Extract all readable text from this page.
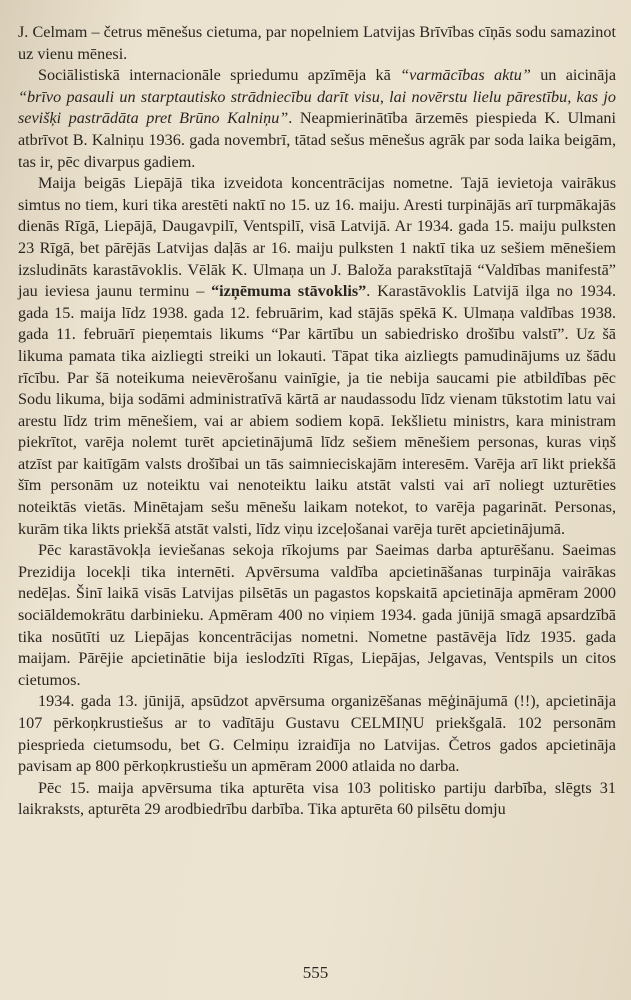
J. Celmam – četrus mēnešus cietuma, par nopelniem Latvijas Brīvības cīņās sodu samazinot uz vienu mēnesi.

Sociālistiskā internacionāle spriedumu apzīmēja kā “varmācības aktu” un aicināja “brīvo pasauli un starptautisko strādniecību darīt visu, lai novērstu lielu pārestību, kas jo sevišķi pastrādāta pret Brūno Kalniņu”. Neapmierinātība ārzemēs piespieda K. Ulmani atbrīvot B. Kalniņu 1936. gada novembrī, tātad sešus mēnešus agrāk par soda laika beigām, tas ir, pēc divarpus gadiem.

Maija beigās Liepājā tika izveidota koncentrācijas nometne. Tajā ievietoja vairākus simtus no tiem, kuri tika arestēti naktī no 15. uz 16. maiju. Aresti turpinājās arī turpmākajās dienās Rīgā, Liepājā, Daugavpilī, Ventspilī, visā Latvijā. Ar 1934. gada 15. maiju pulksten 23 Rīgā, bet pārējās Latvijas daļās ar 16. maiju pulksten 1 naktī tika uz sešiem mēnešiem izsludināts karastāvoklis. Vēlāk K. Ulmaņa un J. Baloža parakstītajā “Valdības manifestā” jau ieviesa jaunu terminu – “izņēmuma stāvoklis”. Karastāvoklis Latvijā ilga no 1934. gada 15. maija līdz 1938. gada 12. februārim, kad stājās spēkā K. Ulmaņa valdības 1938. gada 11. februārī pieņemtais likums “Par kārtību un sabiedrisko drošību valstī”. Uz šā likuma pamata tika aizliegti streiki un lokauti. Tāpat tika aizliegts pamudinājums uz šādu rīcību. Par šā noteikuma neievērošanu vainīgie, ja tie nebija saucami pie atbildības pēc Sodu likuma, bija sodāmi administratīvā kārtā ar naudassodu līdz vienam tūkstotim latu vai arestu līdz trim mēnešiem, vai ar abiem sodiem kopā. Iekšlietu ministrs, kara ministram piekrītot, varēja nolemt turēt apcietinājumā līdz sešiem mēnešiem personas, kuras viņš atzīst par kaitīgām valsts drošībai un tās saimnieciskajām interesēm. Varēja arī likt priekšā šīm personām uz noteiktu vai nenoteiktu laiku atstāt valsti vai arī noliegt uzturēties noteiktās vietās. Minētajam sešu mēnešu laikam notekot, to varēja pagarināt. Personas, kurām tika likts priekšā atstāt valsti, līdz viņu izceļošanai varēja turēt apcietinājumā.

Pēc karastāvokļa ieviešanas sekoja rīkojums par Saeimas darba apturēšanu. Saeimas Prezidija locekļi tika internēti. Apvērsuma valdība apcietināšanas turpināja vairākas nedēļas. Šinī laikā visās Latvijas pilsētās un pagastos kopskaitā apcietināja apmēram 2000 sociāldemokrātu darbinieku. Apmēram 400 no viņiem 1934. gada jūnijā smagā apsardzībā tika nosūtīti uz Liepājas koncentrācijas nometni. Nometne pastāvēja līdz 1935. gada maijam. Pārējie apcietinātie bija ieslodzīti Rīgas, Liepājas, Jelgavas, Ventspils un citos cietumos.

1934. gada 13. jūnijā, apsūdzot apvērsuma organizēšanas mēģinājumā (!!), apcietināja 107 pērkoņkrustiešus ar to vadītāju Gustavu CELMIŅU priekšgalā. 102 personām piesprieda cietumsodu, bet G. Celmiņu izraidīja no Latvijas. Četros gados apcietināja pavisam ap 800 pērkoņkrustiešu un apmēram 2000 atlaida no darba.

Pēc 15. maija apvērsuma tika apturēta visa 103 politisko partiju darbība, slēgts 31 laikraksts, apturēta 29 arodbiedrību darbība. Tika apturēta 60 pilsētu domju

555
